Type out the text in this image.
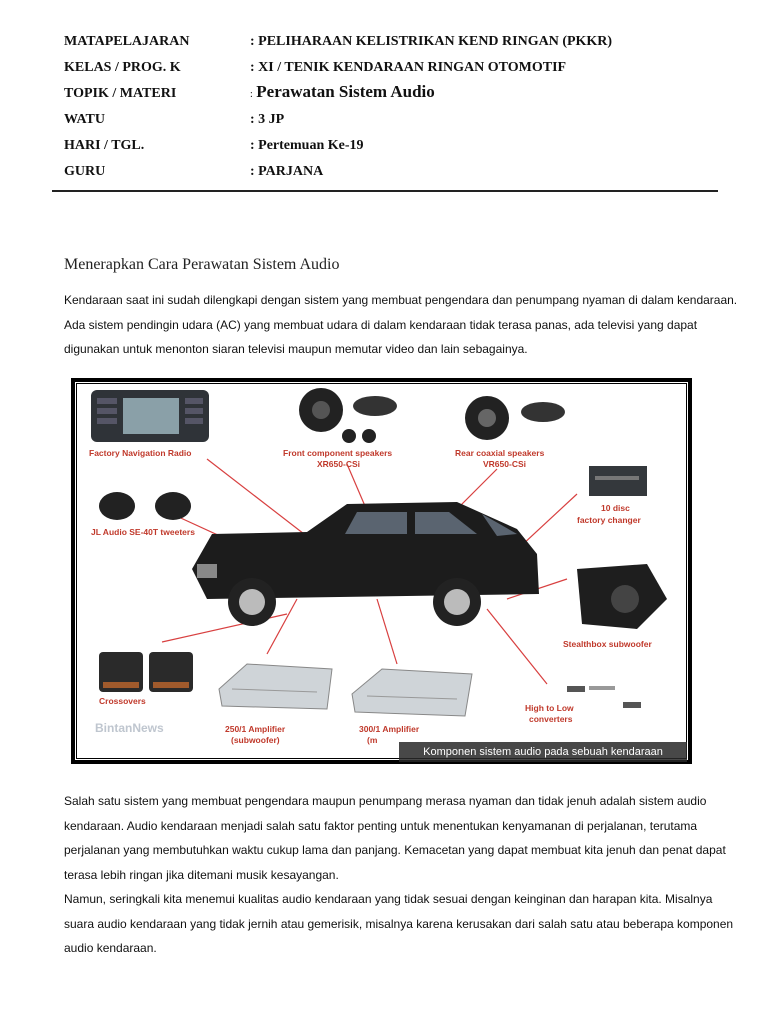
MATAPELAJARAN	: PELIHARAAN KELISTRIKAN KEND RINGAN (PKKR)
KELAS / PROG. K	: XI / TENIK KENDARAAN RINGAN OTOMOTIF
TOPIK / MATERI	: Perawatan Sistem Audio
WATU	: 3 JP
HARI / TGL.	: Pertemuan Ke-19
GURU	: PARJANA
Menerapkan Cara Perawatan Sistem Audio

Kendaraan saat ini sudah dilengkapi dengan sistem yang membuat pengendara dan penumpang nyaman di dalam kendaraan. Ada sistem pendingin udara (AC) yang membuat udara di dalam kendaraan tidak terasa panas, ada televisi yang dapat digunakan untuk menonton siaran televisi maupun memutar video dan lain sebagainya.

Factory Navigation Radio	Front component speakers
XR650-CSi
Rear coaxial speakers
VR650-CSi
JL Audio SE-40T tweeters
10 disc
factory changer
Stealthbox subwoofer
Crossovers
250/1 Amplifier
(subwoofer)
300/1 Amplifier
(m
High to Low
converters
BintanNews
Komponen sistem audio pada sebuah kendaraan

Salah satu sistem yang membuat pengendara maupun penumpang merasa nyaman dan tidak jenuh adalah sistem audio kendaraan. Audio kendaraan menjadi salah satu faktor penting untuk menentukan kenyamanan di perjalanan, terutama perjalanan yang membutuhkan waktu cukup lama dan panjang. Kemacetan yang dapat membuat kita jenuh dan penat dapat terasa lebih ringan jika ditemani musik kesayangan.

Namun, seringkali kita menemui kualitas audio kendaraan yang tidak sesuai dengan keinginan dan harapan kita. Misalnya suara audio kendaraan yang tidak jernih atau gemerisik, misalnya karena kerusakan dari salah satu atau beberapa komponen audio kendaraan.
